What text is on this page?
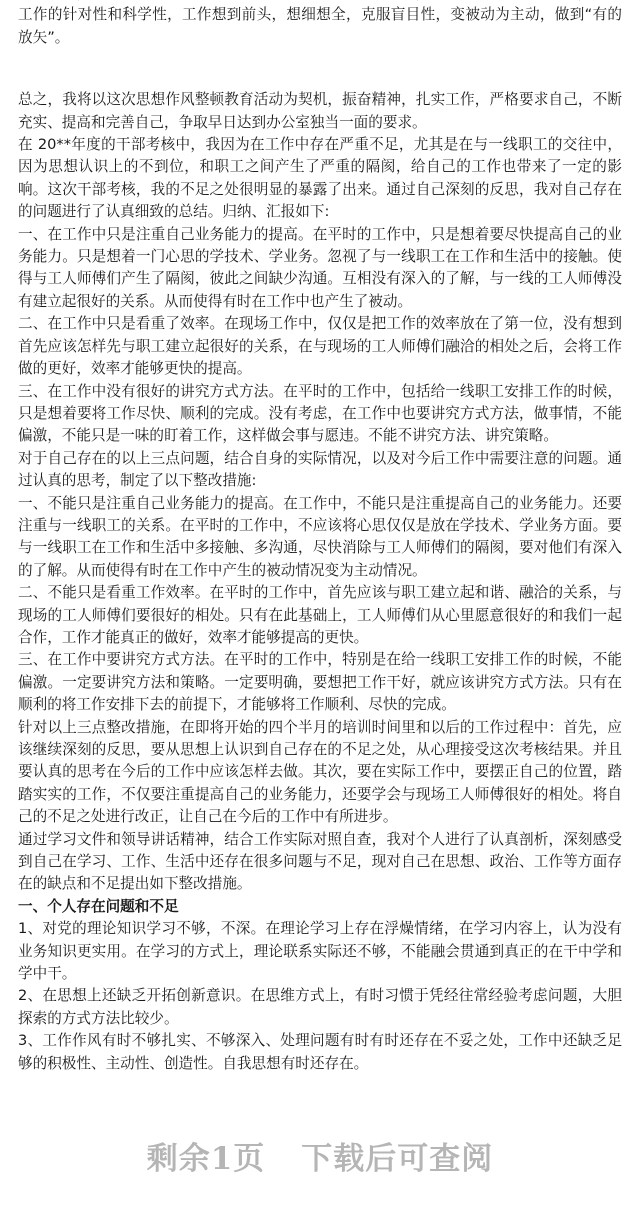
工作的针对性和科学性，工作想到前头，想细想全，克服盲目性，变被动为主动，做到“有的放矢”。

总之，我将以这次思想作风整顿教育活动为契机，振奋精神，扎实工作，严格要求自己，不断充实、提高和完善自己，争取早日达到办公室独当一面的要求。

在 20**年度的干部考核中，我因为在工作中存在严重不足，尤其是在与一线职工的交往中，因为思想认识上的不到位，和职工之间产生了严重的隔阂，给自己的工作也带来了一定的影响。这次干部考核，我的不足之处很明显的暴露了出来。通过自己深刻的反思，我对自己存在的问题进行了认真细致的总结。归纳、汇报如下:

一、在工作中只是注重自己业务能力的提高。在平时的工作中，只是想着要尽快提高自己的业务能力。只是想着一门心思的学技术、学业务。忽视了与一线职工在工作和生活中的接触。使得与工人师傅们产生了隔阂，彼此之间缺少沟通。互相没有深入的了解，与一线的工人师傅没有建立起很好的关系。从而使得有时在工作中也产生了被动。

二、在工作中只是看重了效率。在现场工作中，仅仅是把工作的效率放在了第一位，没有想到首先应该怎样先与职工建立起很好的关系，在与现场的工人师傅们融洽的相处之后，会将工作做的更好，效率才能够更快的提高。

三、在工作中没有很好的讲究方式方法。在平时的工作中，包括给一线职工安排工作的时候，只是想着要将工作尽快、顺利的完成。没有考虑，在工作中也要讲究方式方法，做事情，不能偏激，不能只是一味的盯着工作，这样做会事与愿违。不能不讲究方法、讲究策略。

对于自己存在的以上三点问题，结合自身的实际情况，以及对今后工作中需要注意的问题。通过认真的思考，制定了以下整改措施:

一、不能只是注重自己业务能力的提高。在工作中，不能只是注重提高自己的业务能力。还要注重与一线职工的关系。在平时的工作中，不应该将心思仅仅是放在学技术、学业务方面。要与一线职工在工作和生活中多接触、多沟通，尽快消除与工人师傅们的隔阂，要对他们有深入的了解。从而使得有时在工作中产生的被动情况变为主动情况。

二、不能只是看重工作效率。在平时的工作中，首先应该与职工建立起和谐、融洽的关系，与现场的工人师傅们要很好的相处。只有在此基础上，工人师傅们从心里愿意很好的和我们一起合作，工作才能真正的做好，效率才能够提高的更快。

三、在工作中要讲究方式方法。在平时的工作中，特别是在给一线职工安排工作的时候，不能偏激。一定要讲究方法和策略。一定要明确，要想把工作干好，就应该讲究方式方法。只有在顺利的将工作安排下去的前提下，才能够将工作顺利、尽快的完成。

针对以上三点整改措施，在即将开始的四个半月的培训时间里和以后的工作过程中：首先，应该继续深刻的反思，要从思想上认识到自己存在的不足之处，从心理接受这次考核结果。并且要认真的思考在今后的工作中应该怎样去做。其次，要在实际工作中，要摆正自己的位置，踏踏实实的工作，不仅要注重提高自己的业务能力，还要学会与现场工人师傅很好的相处。将自己的不足之处进行改正，让自己在今后的工作中有所进步。

通过学习文件和领导讲话精神，结合工作实际对照自查，我对个人进行了认真剖析，深刻感受到自己在学习、工作、生活中还存在很多问题与不足，现对自己在思想、政治、工作等方面存在的缺点和不足提出如下整改措施。

一、个人存在问题和不足

1、对党的理论知识学习不够，不深。在理论学习上存在浮燥情绪，在学习内容上，认为没有业务知识更实用。在学习的方式上，理论联系实际还不够，不能融会贯通到真正的在干中学和学中干。

2、在思想上还缺乏开拓创新意识。在思维方式上，有时习惯于凭经往常经验考虑问题，大胆探索的方式方法比较少。

3、工作作风有时不够扎实、不够深入、处理问题有时有时还存在不妥之处，工作中还缺乏足够的积极性、主动性、创造性。自我思想有时还存在。

剩余1页 下载后可查阅
